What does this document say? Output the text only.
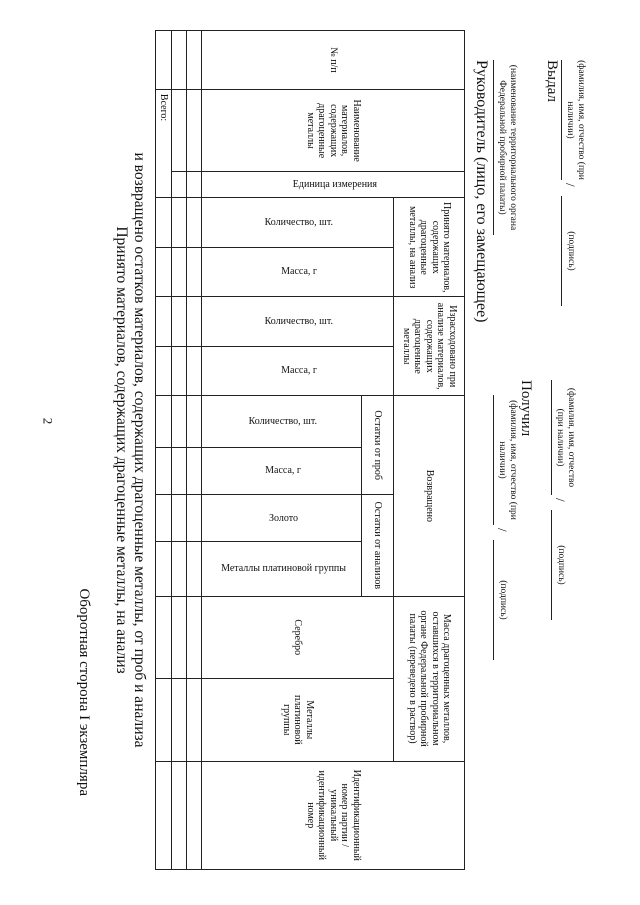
2
Оборотная сторона I экземпляра
Принято материалов, содержащих драгоценные металлы, на анализ и возвращено остатков материалов, содержащих драгоценные металлы, от проб и анализа
№ п/п	Наименование материалов, содержащих драгоценные металлы	Единица измерения	Принято материалов, содержащих драгоценные металлы, на анализ		Израсходовано при анализе материалов, содержащих драгоценные металлы		Возвращено				Масса драгоценных металлов, оставшихся в территориальном органе Федеральной пробирной палаты (переведено в раствор)		Идентификационный номер партии / уникальный идентификационный номер
			Количество, шт.	Масса, г	Количество, шт.	Масса, г	Остатки от проб		Остатки от анализов		Серебро	Металлы платиновой группы	
							Количество, шт.	Масса, г	Золото	Металлы платиновой группы			

	Всего:													Руководитель (лицо, его замещающее)	(наименование территориального органа Федеральной пробирной палаты)
(фамилия, имя, отчество (при наличии)
/
(подпись)
Выдал	(фамилия, имя, отчество (при наличии)
/
(подпись)
Получил	(фамилия, имя, отчество (при наличии)
/
(подпись)
